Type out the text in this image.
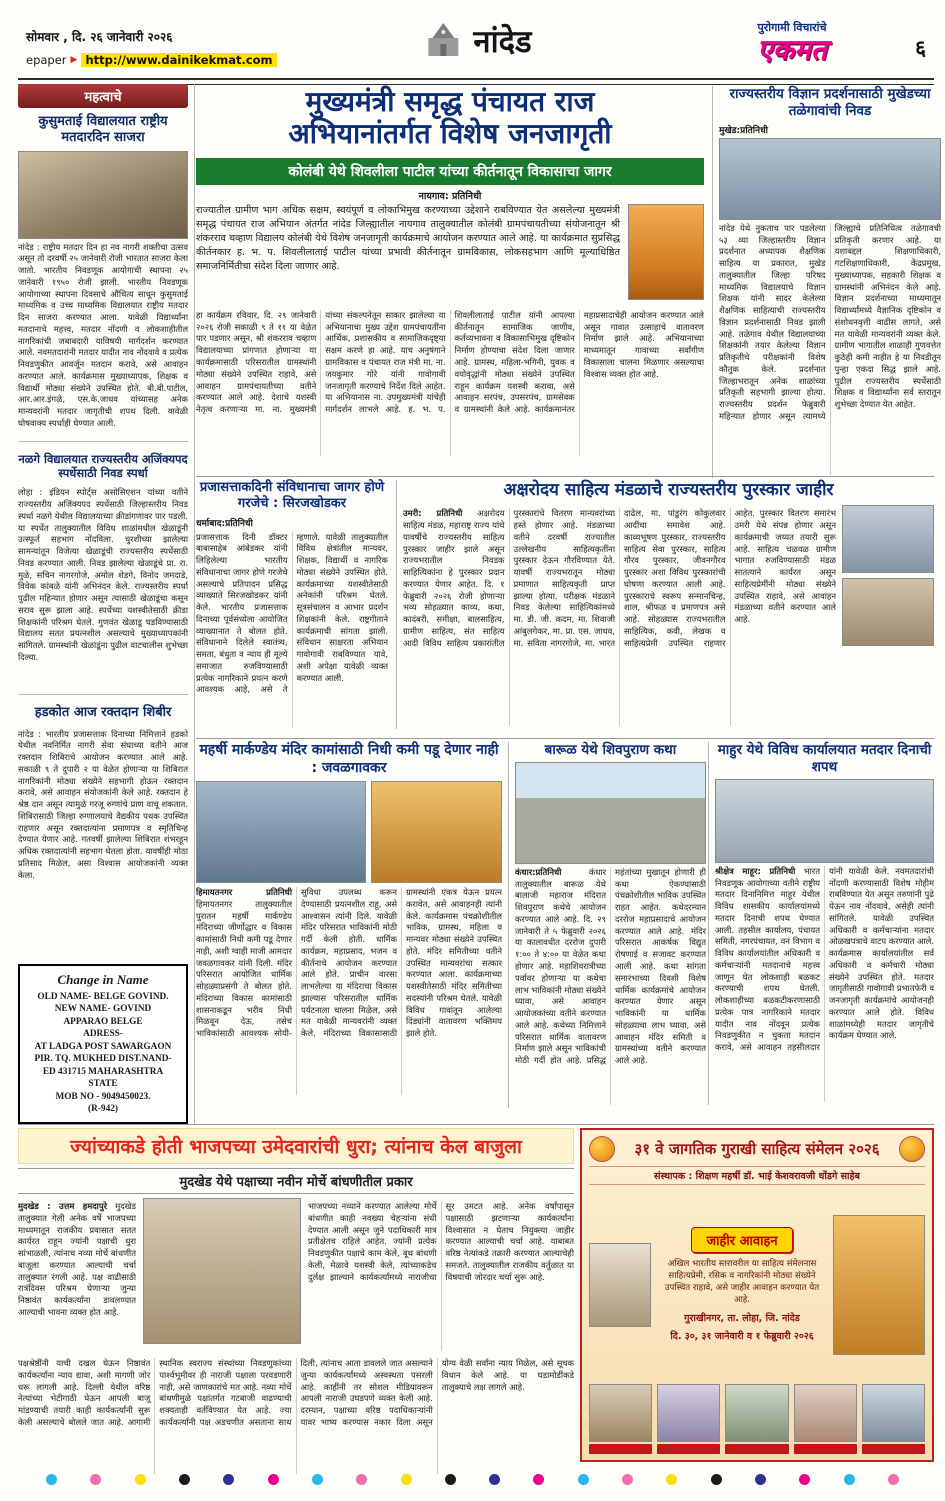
सोमवार , दि. २६ जानेवारी २०२६
epaper ▶ http://www.dainikekmat.com	नांदेड	पुरोगामी विचारांचे
एकमत	६
महत्वाचे
कुसुमताई विद्यालयात राष्ट्रीय मतदारदिन साजरा

नांदेड : राष्ट्रीय मतदार दिन हा नव नागरी शक्तीचा उत्सव असून तो दरवर्षी २५ जानेवारी रोजी भारतात साजरा केला जातो. भारतीय निवडणूक आयोगाची स्थापना २५ जानेवारी १९५० रोजी झाली. भारतीय निवडणूक आयोगाच्या स्थापना दिवसाचे औचित्य साधून कुसुमताई माध्यमिक व उच्च माध्यमिक विद्यालयात राष्ट्रीय मतदार दिन साजरा करण्यात आला. यावेळी विद्यार्थ्यांना मतदानाचे महत्त्व, मतदार नोंदणी व लोकशाहीतील नागरिकांची जबाबदारी याविषयी मार्गदर्शन करण्यात आले. नवमतदारांनी मतदार यादीत नाव नोंदवावे व प्रत्येक निवडणुकीत आवर्जून मतदान करावे, असे आवाहन करण्यात आले. कार्यक्रमास मुख्याध्यापक, शिक्षक व विद्यार्थी मोठ्या संख्येने उपस्थित होते. बी.बी.पाटील, आर.आर.इंगळे, एस.के.जाधव यांच्यासह अनेक मान्यवरांनी मतदार जागृतीची शपथ दिली. यावेळी घोषवाक्य स्पर्धाही घेण्यात आली.

नळगे विद्यालयात राज्यस्तरीय अजिंक्यपद स्पर्धेसाठी निवड स्पर्धा

लोहा : इंडियन स्पोर्ट्स असोसिएशन यांच्या वतीने राज्यस्तरीय अजिंक्यपद स्पर्धेसाठी जिल्हास्तरीय निवड स्पर्धा नळगे येथील विद्यालयाच्या क्रीडांगणावर पार पडली. या स्पर्धेत तालुक्यातील विविध शाळांमधील खेळाडूंनी उत्स्फूर्त सहभाग नोंदविला. चुरशीच्या झालेल्या सामन्यांतून विजेत्या खेळाडूंची राज्यस्तरीय स्पर्धेसाठी निवड करण्यात आली. निवड झालेल्या खेळाडूंचे प्रा. रा. मुळे, सचिन नागरगोजे, अमोल शेडगे, विनोद जमदाडे, विवेक कांबळे यांनी अभिनंदन केले. राज्यस्तरीय स्पर्धा पुढील महिन्यात होणार असून त्यासाठी खेळाडूंचा कसून सराव सुरू झाला आहे. स्पर्धेच्या यशस्वीतेसाठी क्रीडा शिक्षकांनी परिश्रम घेतले. गुणवंत खेळाडू घडविण्यासाठी विद्यालय सतत प्रयत्नशील असल्याचे मुख्याध्यापकांनी सांगितले. ग्रामस्थांनी खेळाडूंना पुढील वाटचालीस शुभेच्छा दिल्या.

हडकोत आज रक्तदान शिबीर

नांदेड : भारतीय प्रजासत्ताक दिनाच्या निमित्ताने हडको येथील नवनिर्मित नागरी सेवा संघाच्या वतीने आज रक्तदान शिबिराचे आयोजन करण्यात आले आहे. सकाळी ९ ते दुपारी २ या वेळेत होणाऱ्या या शिबिरात नागरिकांनी मोठ्या संख्येने सहभागी होऊन रक्तदान करावे, असे आवाहन संयोजकांनी केले आहे. रक्तदान हे श्रेष्ठ दान असून त्यामुळे गरजू रुग्णांचे प्राण वाचू शकतात. शिबिरासाठी जिल्हा रुग्णालयाचे वैद्यकीय पथक उपस्थित राहणार असून रक्तदात्यांना प्रमाणपत्र व स्मृतिचिन्ह देण्यात येणार आहे. गतवर्षी झालेल्या शिबिरात शंभरहून अधिक रक्तदात्यांनी सहभाग घेतला होता. यावर्षीही मोठा प्रतिसाद मिळेल, असा विश्वास आयोजकांनी व्यक्त केला.

Change in Name
OLD NAME- BELGE GOVIND.
NEW NAME- GOVIND
APPARAO BELGE
ADRESS-
AT LADGA POST SAWARGAON
PIR. TQ. MUKHED DIST.NAND-
ED 431715 MAHARASHTRA
STATE
MOB NO - 9049450023.
(R-942)
मुख्यमंत्री समृद्ध पंचायत राज
अभियानांतर्गत विशेष जनजागृती
कोलंबी येथे शिवलीला पाटील यांच्या कीर्तनातून विकासाचा जागर
नायगाव: प्रतिनिधी

राज्यातील ग्रामीण भाग अधिक सक्षम, स्वयंपूर्ण व लोकाभिमुख करण्याच्या उद्देशाने राबविण्यात येत असलेल्या मुख्यमंत्री समृद्ध पंचायत राज अभियान अंतर्गत नांदेड जिल्ह्यातील नायगाव तालुक्यातील कोलंबी ग्रामपंचायतीच्या संयोजनातून श्री शंकरराव चव्हाण विद्यालय कोलंबी येथे विशेष जनजागृती कार्यक्रमाचे आयोजन करण्यात आले आहे. या कार्यक्रमात सुप्रसिद्ध कीर्तनकार ह. भ. प. शिवलीलाताई पाटील यांच्या प्रभावी कीर्तनातून ग्रामविकास, लोकसहभाग आणि मूल्याधिष्ठित समाजनिर्मितीचा संदेश दिला जाणार आहे.

हा कार्यक्रम रविवार, दि. २९ जानेवारी २०२६ रोजी सकाळी ९ ते ११ या वेळेत पार पडणार असून, श्री शंकरराव चव्हाण विद्यालयाच्या प्रांगणात होणाऱ्या या कार्यक्रमासाठी परिसरातील ग्रामस्थांनी मोठ्या संख्येने उपस्थित राहावे, असे आवाहन ग्रामपंचायतीच्या वतीने करण्यात आले आहे. देशाचे यशस्वी नेतृत्व करणाऱ्या मा. ना. मुख्यमंत्री यांच्या संकल्पनेतून साकार झालेल्या या अभियानाचा मुख्य उद्देश ग्रामपंचायतींना आर्थिक, प्रशासकीय व सामाजिकदृष्ट्या सक्षम करणे हा आहे. याच अनुषंगाने ग्रामविकास व पंचायत राज मंत्री मा. ना. जयकुमार गोरे यांनी गावोगावी जनजागृती करण्याचे निर्देश दिले आहेत. या अभियानास ना. उपमुख्यमंत्री यांचेही मार्गदर्शन लाभले आहे. ह. भ. प. शिवलीलाताई पाटील यांनी आपल्या कीर्तनातून सामाजिक जाणीव, कर्तव्यभावना व विकासाभिमुख दृष्टिकोन निर्माण होण्याचा संदेश दिला जाणार आहे. ग्रामस्थ, महिला-भगिनी, युवक व वयोवृद्धांनी मोठ्या संख्येने उपस्थित राहून कार्यक्रम यशस्वी करावा, असे आवाहन सरपंच, उपसरपंच, ग्रामसेवक व ग्रामस्थांनी केले आहे. कार्यक्रमानंतर महाप्रसादाचेही आयोजन करण्यात आले असून गावात उत्साहाचे वातावरण निर्माण झाले आहे. अभियानाच्या माध्यमातून गावाच्या सर्वांगीण विकासाला चालना मिळणार असल्याचा विश्वास व्यक्त होत आहे.

राज्यस्तरीय विज्ञान प्रदर्शनासाठी मुखेडच्या तळेगावांची निवड
मुखेड:प्रतिनिधी

नांदेड येथे नुकताच पार पडलेल्या ५३ व्या जिल्हास्तरीय विज्ञान प्रदर्शनात अध्यापक शैक्षणिक साहित्य या प्रकारात, मुखेड तालुक्यातील जिल्हा परिषद माध्यमिक विद्यालयाचे विज्ञान शिक्षक यांनी सादर केलेल्या शैक्षणिक साहित्याची राज्यस्तरीय विज्ञान प्रदर्शनासाठी निवड झाली आहे. तळेगाव येथील विद्यालयाच्या शिक्षकांनी तयार केलेल्या विज्ञान प्रतिकृतीचे परीक्षकांनी विशेष कौतुक केले. प्रदर्शनात जिल्हाभरातून अनेक शाळांच्या प्रतिकृती सहभागी झाल्या होत्या. राज्यस्तरीय प्रदर्शन फेब्रुवारी महिन्यात होणार असून त्यामध्ये जिल्ह्याचे प्रतिनिधित्व तळेगावची प्रतिकृती करणार आहे. या यशाबद्दल शिक्षणाधिकारी, गटशिक्षणाधिकारी, केंद्रप्रमुख, मुख्याध्यापक, सहकारी शिक्षक व ग्रामस्थांनी अभिनंदन केले आहे. विज्ञान प्रदर्शनाच्या माध्यमातून विद्यार्थ्यांमध्ये वैज्ञानिक दृष्टिकोन व संशोधनवृत्ती वाढीस लागते, असे मत यावेळी मान्यवरांनी व्यक्त केले. ग्रामीण भागातील शाळाही गुणवत्तेत कुठेही कमी नाहीत हे या निवडीतून पुन्हा एकदा सिद्ध झाले आहे. पुढील राज्यस्तरीय स्पर्धेसाठी शिक्षक व विद्यार्थ्यांना सर्व स्तरातून शुभेच्छा देण्यात येत आहेत.

प्रजासत्ताकदिनी संविधानाचा जागर होणे गरजेचे : सिरजखोडकर
धर्माबाद:प्रतिनिधी

प्रजासत्ताक दिनी डॉक्टर बाबासाहेब आंबेडकर यांनी लिहिलेल्या भारतीय संविधानाचा जागर होणे गरजेचे असल्याचे प्रतिपादन प्रसिद्ध व्याख्याते सिरजखोडकर यांनी केले. भारतीय प्रजासत्ताक दिनाच्या पूर्वसंध्येला आयोजित व्याख्यानात ते बोलत होते. संविधानाने दिलेले स्वातंत्र्य, समता, बंधुता व न्याय ही मूल्ये समाजात रुजविण्यासाठी प्रत्येक नागरिकाने प्रयत्न करणे आवश्यक आहे, असे ते म्हणाले. यावेळी तालुक्यातील विविध क्षेत्रांतील मान्यवर, शिक्षक, विद्यार्थी व नागरिक मोठ्या संख्येने उपस्थित होते. कार्यक्रमाच्या यशस्वीतेसाठी अनेकांनी परिश्रम घेतले. सूत्रसंचालन व आभार प्रदर्शन शिक्षकांनी केले. राष्ट्रगीताने कार्यक्रमाची सांगता झाली. संविधान साक्षरता अभियान गावोगावी राबविण्यात यावे, अशी अपेक्षा यावेळी व्यक्त करण्यात आली.

अक्षरोदय साहित्य मंडळाचे राज्यस्तरीय पुरस्कार जाहीर

उमरी: प्रतिनिधी अक्षरोदय साहित्य मंडळ, महाराष्ट्र राज्य यांचे यावर्षीचे राज्यस्तरीय साहित्य पुरस्कार जाहीर झाले असून राज्यभरातील निवडक साहित्यिकांना हे पुरस्कार प्रदान करण्यात येणार आहेत. दि. १ फेब्रुवारी २०२६ रोजी होणाऱ्या भव्य सोहळ्यात काव्य, कथा, कादंबरी, समीक्षा, बालसाहित्य, ग्रामीण साहित्य, संत साहित्य आदी विविध साहित्य प्रकारांतील पुरस्कारांचे वितरण मान्यवरांच्या हस्ते होणार आहे. मंडळाच्या वतीने दरवर्षी राज्यातील उल्लेखनीय साहित्यकृतींना पुरस्कार देऊन गौरविण्यात येते. यावर्षी राज्यभरातून मोठ्या प्रमाणात साहित्यकृती प्राप्त झाल्या होत्या. परीक्षक मंडळाने निवड केलेल्या साहित्यिकांमध्ये मा. डी. जी. कदम, मा. शिवाजी आंबुलगेकर, मा. प्रा. एस. जाधव, मा. सविता नागरगोजे, मा. भारत दाढेल, मा. पांडुरंग कोकुलवार आदींचा समावेश आहे. काव्यभूषण पुरस्कार, राज्यस्तरीय साहित्य सेवा पुरस्कार, साहित्य गौरव पुरस्कार, जीवनगौरव पुरस्कार अशा विविध पुरस्कारांची घोषणा करण्यात आली आहे. पुरस्काराचे स्वरूप सन्मानचिन्ह, शाल, श्रीफळ व प्रमाणपत्र असे आहे. सोहळ्यास राज्यभरातील साहित्यिक, कवी, लेखक व साहित्यप्रेमी उपस्थित राहणार आहेत. पुरस्कार वितरण समारंभ उमरी येथे संपन्न होणार असून कार्यक्रमाची जय्यत तयारी सुरू आहे. साहित्य चळवळ ग्रामीण भागात रुजविण्यासाठी मंडळ सातत्याने कार्यरत असून साहित्यप्रेमींनी मोठ्या संख्येने उपस्थित राहावे, असे आवाहन मंडळाच्या वतीने करण्यात आले आहे.

महर्षी मार्कण्डेय मंदिर कामांसाठी निधी कमी पडू देणार नाही : जवळगावकर

हिमायतनगर प्रतिनिधी हिमायतनगर तालुक्यातील पुरातन महर्षी मार्कण्डेय मंदिराच्या जीर्णोद्धार व विकास कामांसाठी निधी कमी पडू देणार नाही, अशी ग्वाही माजी आमदार जवळगावकर यांनी दिली. मंदिर परिसरात आयोजित धार्मिक सोहळ्याप्रसंगी ते बोलत होते. मंदिराच्या विकास कामांसाठी शासनाकडून भरीव निधी मिळवून देऊ, तसेच भाविकांसाठी आवश्यक सोयी-सुविधा उपलब्ध करून देण्यासाठी प्रयत्नशील राहू, असे आश्वासन त्यांनी दिले. यावेळी मंदिर परिसरात भाविकांनी मोठी गर्दी केली होती. धार्मिक कार्यक्रम, महाप्रसाद, भजन व कीर्तनाचे आयोजन करण्यात आले होते. प्राचीन वारसा लाभलेल्या या मंदिराचा विकास झाल्यास परिसरातील धार्मिक पर्यटनाला चालना मिळेल, असे मत यावेळी मान्यवरांनी व्यक्त केले. मंदिराच्या विकासासाठी ग्रामस्थांनी एकत्र येऊन प्रयत्न करावेत, असे आवाहनही त्यांनी केले. कार्यक्रमास पंचक्रोशीतील भाविक, ग्रामस्थ, महिला व मान्यवर मोठ्या संख्येने उपस्थित होते. मंदिर समितीच्या वतीने उपस्थित मान्यवरांचा सत्कार करण्यात आला. कार्यक्रमाच्या यशस्वीतेसाठी मंदिर समितीच्या सदस्यांनी परिश्रम घेतले. यावेळी विविध गावांतून आलेल्या दिंड्यांनी वातावरण भक्तिमय झाले होते.

बारूळ येथे शिवपुराण कथा

कंधार:प्रतिनिधी	कंधार तालुक्यातील बारूळ येथे बालाजी महाराज मंदिरात शिवपुराण कथेचे आयोजन करण्यात आले आहे. दि. २९ जानेवारी ते ५ फेब्रुवारी २०२६ या कालावधीत दररोज दुपारी १:०० ते ४:०० या वेळेत कथा होणार आहे. महाशिवरात्रीच्या पर्वावर होणाऱ्या या कथेचा लाभ भाविकांनी मोठ्या संख्येने घ्यावा, असे आवाहन आयोजकांच्या वतीने करण्यात आले आहे. कथेच्या निमित्ताने परिसरात धार्मिक वातावरण निर्माण झाले असून भाविकांची मोठी गर्दी होत आहे. प्रसिद्ध महंतांच्या मुखातून होणारी ही कथा ऐकण्यासाठी पंचक्रोशीतील भाविक उपस्थित राहत आहेत. कथेदरम्यान दररोज महाप्रसादाचे आयोजन करण्यात आले आहे. मंदिर परिसरात आकर्षक विद्युत रोषणाई व सजावट करण्यात आली आहे. कथा सांगता समारंभाच्या दिवशी विशेष धार्मिक कार्यक्रमांचे आयोजन करण्यात येणार असून भाविकांनी या धार्मिक सोहळ्याचा लाभ घ्यावा, असे आवाहन मंदिर समिती व ग्रामस्थांच्या वतीने करण्यात आले आहे.

माहुर येथे विविध कार्यालयात मतदार दिनाची शपथ

श्रीक्षेत्र माहूर: प्रतिनिधी भारत निवडणूक आयोगाच्या वतीने राष्ट्रीय मतदार दिनानिमित्त माहूर येथील विविध शासकीय कार्यालयांमध्ये मतदार दिनाची शपथ घेण्यात आली. तहसील कार्यालय, पंचायत समिती, नगरपंचायत, वन विभाग व विविध कार्यालयांतील अधिकारी व कर्मचाऱ्यांनी मतदानाचे महत्त्व जाणून घेत लोकशाही बळकट करण्याची शपथ घेतली. लोकशाहीच्या बळकटीकरणासाठी प्रत्येक पात्र नागरिकाने मतदार यादीत नाव नोंदवून प्रत्येक निवडणुकीत न चुकता मतदान करावे, असे आवाहन तहसीलदार यांनी यावेळी केले. नवमतदारांची नोंदणी करण्यासाठी विशेष मोहीम राबविण्यात येत असून तरुणांनी पुढे येऊन नाव नोंदवावे, असेही त्यांनी सांगितले. यावेळी उपस्थित अधिकारी व कर्मचाऱ्यांना मतदार ओळखपत्राचे वाटप करण्यात आले. कार्यक्रमास कार्यालयांतील सर्व अधिकारी व कर्मचारी मोठ्या संख्येने उपस्थित होते. मतदार जागृतीसाठी गावोगावी प्रभातफेरी व जनजागृती कार्यक्रमांचे आयोजनही करण्यात आले होते. विविध शाळांमध्येही मतदार जागृतीचे कार्यक्रम घेण्यात आले.

ज्यांच्याकडे होती भाजपच्या उमेदवारांची धुरा; त्यांनाच केल बाजुला
मुदखेड येथे पक्षाच्या नवीन मोर्चे बांधणीतील प्रकार

मुदखेड : उत्तम हमदापुरे मुदखेड तालुक्यात गेली अनेक वर्षे भाजपच्या माध्यमातून राजकीय प्रवासात सतत कार्यरत राहून ज्यांनी पक्षाची धुरा सांभाळली, त्यांनाच नव्या मोर्चे बांधणीत बाजूला करण्यात आल्याची चर्चा तालुक्यात रंगली आहे. पक्ष वाढीसाठी रात्रंदिवस परिश्रम घेणाऱ्या जुन्या निष्ठावंत कार्यकर्त्यांना डावलण्यात आल्याची भावना व्यक्त होत आहे.

भाजपच्या नव्याने करण्यात आलेल्या मोर्चे बांधणीत काही नवख्या चेहऱ्यांना संधी देण्यात आली असून जुने पदाधिकारी मात्र प्रतीक्षेतच राहिले आहेत. ज्यांनी प्रत्येक निवडणुकीत पक्षाचे काम केले, बूथ बांधणी केली, मेळावे यशस्वी केले, त्यांच्याकडेच दुर्लक्ष झाल्याने कार्यकर्त्यांमध्ये नाराजीचा सूर उमटत आहे. अनेक वर्षांपासून पक्षासाठी झटणाऱ्या कार्यकर्त्यांना विश्वासात न घेताच नियुक्त्या जाहीर करण्यात आल्याची चर्चा आहे. याबाबत वरिष्ठ नेत्यांकडे तक्रारी करण्यात आल्याचेही समजते. तालुक्यातील राजकीय वर्तुळात या विषयाची जोरदार चर्चा सुरू आहे.

पक्षश्रेष्ठींनी याची दखल घेऊन निष्ठावंत कार्यकर्त्यांना न्याय द्यावा, अशी मागणी जोर धरू लागली आहे. दिल्ली येथील वरिष्ठ नेत्यांच्या भेटीगाठी घेऊन आपली बाजू मांडण्याची तयारी काही कार्यकर्त्यांनी सुरू केली असल्याचे बोलले जात आहे. आगामी स्थानिक स्वराज्य संस्थांच्या निवडणुकांच्या पार्श्वभूमीवर ही नाराजी पक्षाला परवडणारी नाही, असे जाणकारांचे मत आहे. नव्या मोर्चे बांधणीमुळे पक्षांतर्गत गटबाजी वाढण्याची शक्यताही वर्तविण्यात येत आहे. ज्या कार्यकर्त्यांनी पक्ष अडचणीत असताना साथ दिली, त्यांनाच आता डावलले जात असल्याने जुन्या कार्यकर्त्यांमध्ये अस्वस्थता पसरली आहे. काहींनी तर सोशल मीडियावरून आपली नाराजी उघडपणे व्यक्त केली आहे. दरम्यान, पक्षाच्या वरिष्ठ पदाधिकाऱ्यांनी यावर भाष्य करण्यास नकार दिला असून योग्य वेळी सर्वांना न्याय मिळेल, असे सूचक विधान केले आहे. या घडामोडींकडे तालुक्याचे लक्ष लागले आहे.

३१ वे जागतिक गुराखी साहित्य संमेलन २०२६
संस्थापक : शिक्षण महर्षी डॉ. भाई केशवरावजी धोंडगे साहेब
जाहीर आवाहन

अखिल भारतीय स्तरावरील या साहित्य संमेलनास साहित्यप्रेमी, रसिक व नागरिकांनी मोठ्या संख्येने उपस्थित राहावे, असे जाहीर आवाहन करण्यात येत आहे.

गुराखीनगर, ता. लोहा, जि. नांदेड
दि. ३०, ३१ जानेवारी व १ फेब्रुवारी २०२६
